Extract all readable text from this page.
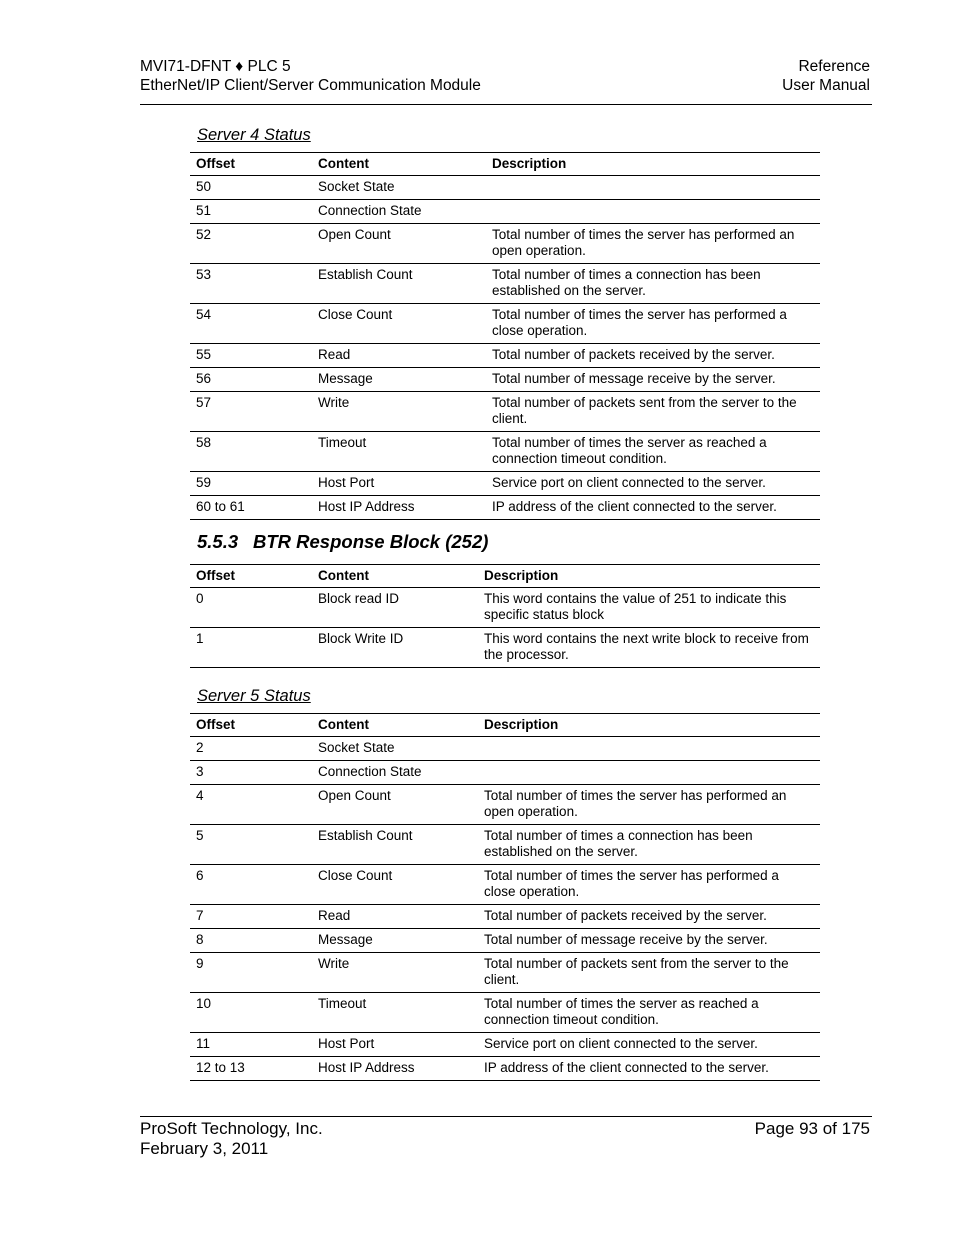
MVI71-DFNT ♦ PLC 5
EtherNet/IP Client/Server Communication Module
Reference
User Manual
Server 4 Status
Offset	Content	Description
50	Socket State	
51	Connection State	
52	Open Count	Total number of times the server has performed an open operation.
53	Establish Count	Total number of times a connection has been established on the server.
54	Close Count	Total number of times the server has performed a close operation.
55	Read	Total number of packets received by the server.
56	Message	Total number of message receive by the server.
57	Write	Total number of packets sent from the server to the client.
58	Timeout	Total number of times the server as reached a connection timeout condition.
59	Host Port	Service port on client connected to the server.
60 to 61	Host IP Address	IP address of the client connected to the server.
5.5.3 BTR Response Block (252)
Offset	Content	Description
0	Block read ID	This word contains the value of 251 to indicate this specific status block
1	Block Write ID	This word contains the next write block to receive from the processor.
Server 5 Status
Offset	Content	Description
2	Socket State	
3	Connection State	
4	Open Count	Total number of times the server has performed an open operation.
5	Establish Count	Total number of times a connection has been established on the server.
6	Close Count	Total number of times the server has performed a close operation.
7	Read	Total number of packets received by the server.
8	Message	Total number of message receive by the server.
9	Write	Total number of packets sent from the server to the client.
10	Timeout	Total number of times the server as reached a connection timeout condition.
11	Host Port	Service port on client connected to the server.
12 to 13	Host IP Address	IP address of the client connected to the server.
ProSoft Technology, Inc.
February 3, 2011
Page 93 of 175
